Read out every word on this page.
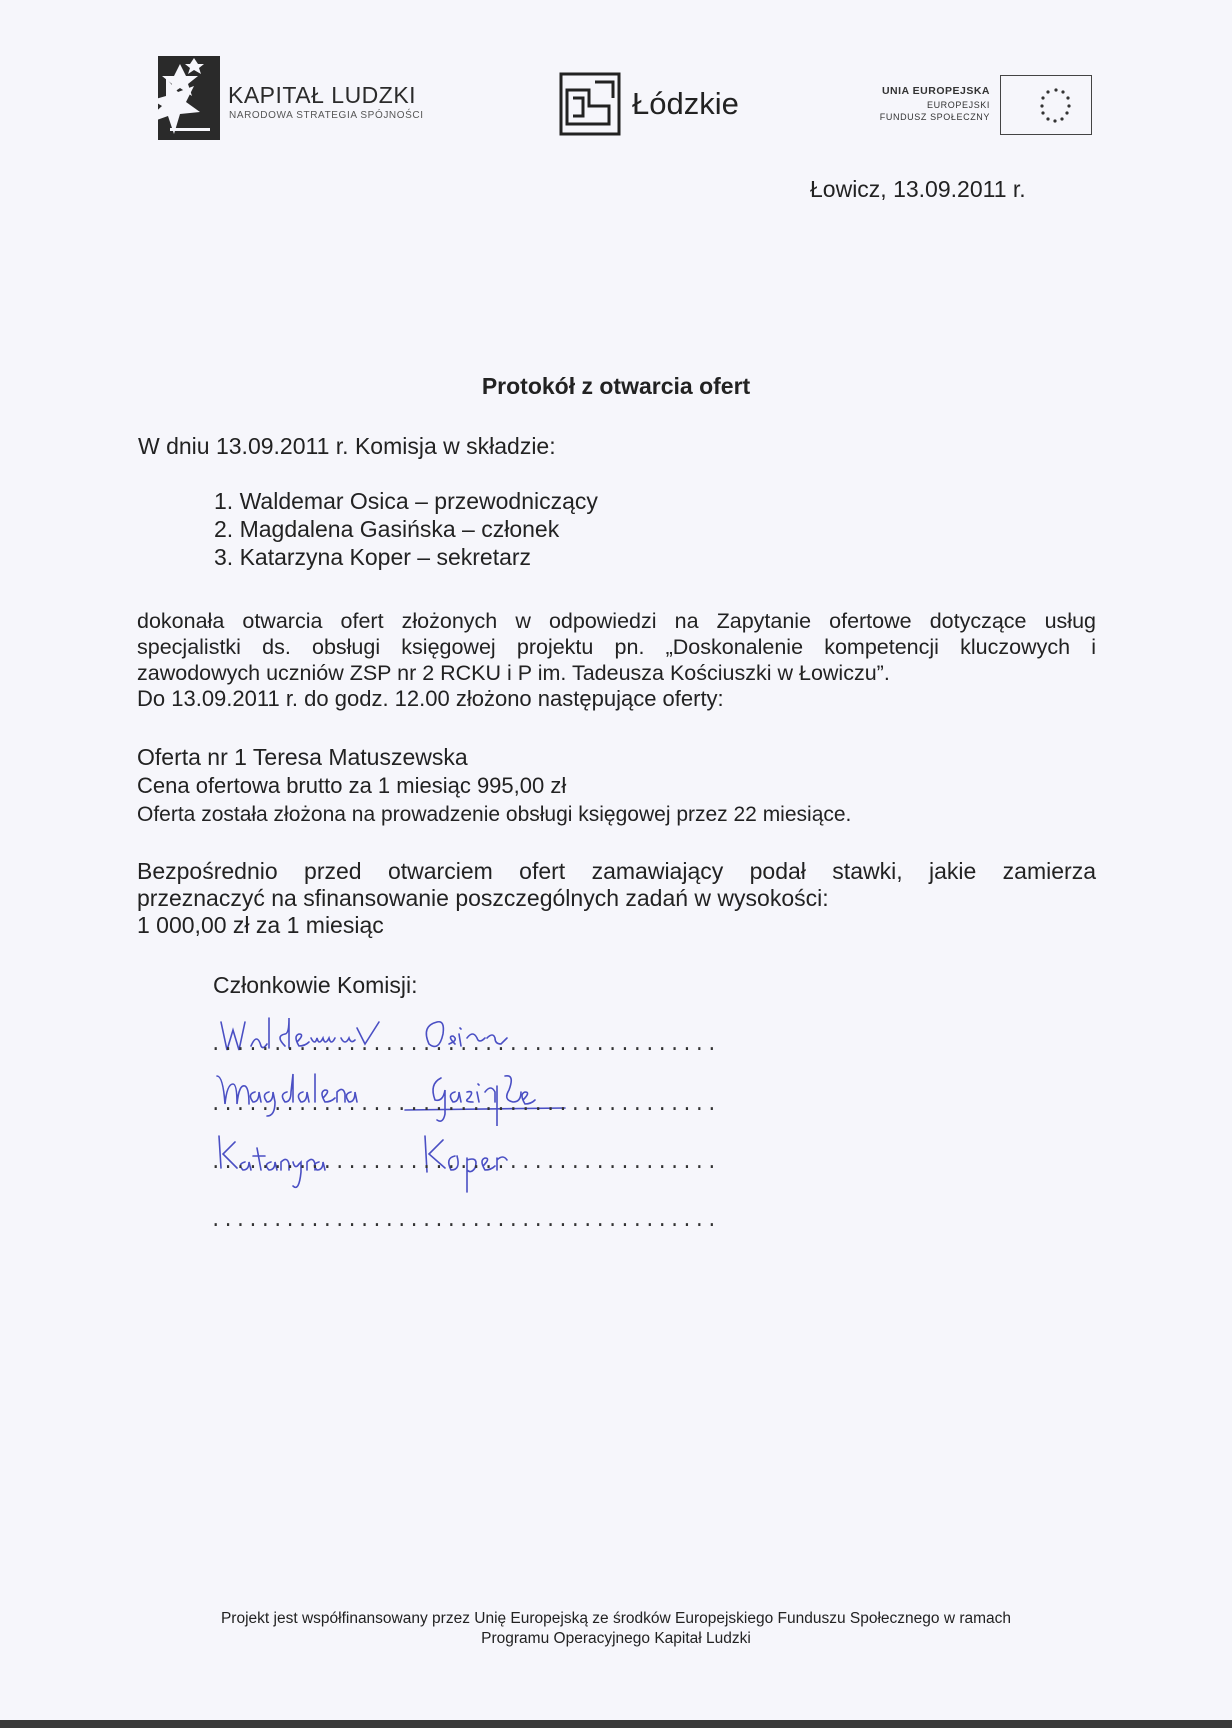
KAPITAŁ LUDZKI
NARODOWA STRATEGIA SPÓJNOŚCI	Łódzkie	UNIA EUROPEJSKA
EUROPEJSKI
FUNDUSZ SPOŁECZNY
Łowicz, 13.09.2011 r.
Protokół z otwarcia ofert
W dniu 13.09.2011 r. Komisja w składzie:
1. Waldemar Osica – przewodniczący
2. Magdalena Gasińska – członek
3. Katarzyna Koper – sekretarz
dokonała otwarcia ofert złożonych w odpowiedzi na Zapytanie ofertowe dotyczące usług
specjalistki ds. obsługi księgowej projektu pn. „Doskonalenie kompetencji kluczowych i
zawodowych uczniów ZSP nr 2 RCKU i P im. Tadeusza Kościuszki w Łowiczu”.
Do 13.09.2011 r. do godz. 12.00 złożono następujące oferty:
Oferta nr 1 Teresa Matuszewska
Cena ofertowa brutto za 1 miesiąc 995,00 zł
Oferta została złożona na prowadzenie obsługi księgowej przez 22 miesiące.
Bezpośrednio przed otwarciem ofert zamawiający podał stawki, jakie zamierza
przeznaczyć na sfinansowanie poszczególnych zadań w wysokości:
1 000,00 zł za 1 miesiąc
Członkowie Komisji:
.........................................
.........................................
.........................................
.........................................
Projekt jest współfinansowany przez Unię Europejską ze środków Europejskiego Funduszu Społecznego w ramach
Programu Operacyjnego Kapitał Ludzki
